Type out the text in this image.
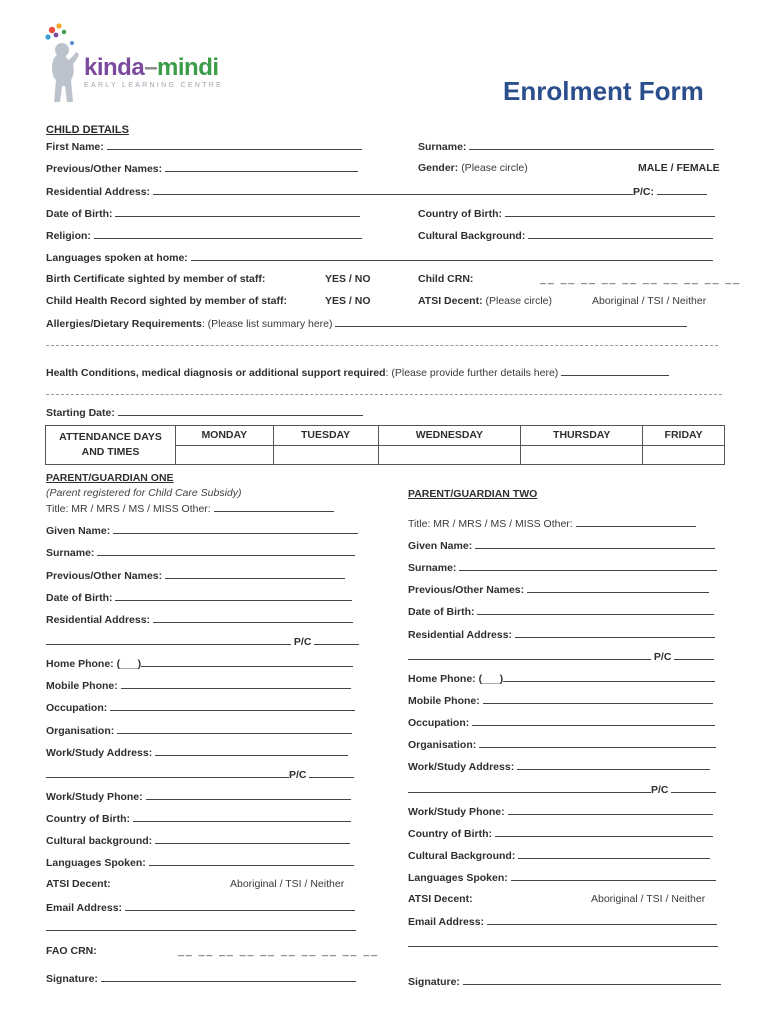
kinda–mindi
EARLY LEARNING CENTRE	Enrolment Form
CHILD DETAILS
First Name:	Surname:
Previous/Other Names:	Gender: (Please circle)	MALE / FEMALE
Residential Address:	P/C:
Date of Birth:	Country of Birth:
Religion:	Cultural Background:
Languages spoken at home:
Birth Certificate sighted by member of staff:	YES / NO	Child CRN:	__ __ __ __ __ __ __ __ __ __
Child Health Record sighted by member of staff:	YES / NO	ATSI Decent: (Please circle)	Aboriginal / TSI / Neither
Allergies/Dietary Requirements: (Please list summary here)
Health Conditions, medical diagnosis or additional support required: (Please provide further details here)
Starting Date:
ATTENDANCE DAYS
AND TIMES	MONDAY	TUESDAY	WEDNESDAY	THURSDAY	FRIDAY

PARENT/GUARDIAN ONE
(Parent registered for Child Care Subsidy)
Title: MR / MRS / MS / MISS Other:
Given Name:
Surname:
Previous/Other Names:
Date of Birth:
Residential Address:
P/C
Home Phone: (___)
Mobile Phone:
Occupation:
Organisation:
Work/Study Address:
P/C
Work/Study Phone:
Country of Birth:
Cultural background:
Languages Spoken:
ATSI Decent:	Aboriginal / TSI / Neither
Email Address:
FAO CRN:	__ __ __ __ __ __ __ __ __ __
Signature:
PARENT/GUARDIAN TWO
Title: MR / MRS / MS / MISS Other:
Given Name:
Surname:
Previous/Other Names:
Date of Birth:
Residential Address:
P/C
Home Phone: (___)
Mobile Phone:
Occupation:
Organisation:
Work/Study Address:
P/C
Work/Study Phone:
Country of Birth:
Cultural Background:
Languages Spoken:
ATSI Decent:	Aboriginal / TSI / Neither
Email Address:
Signature:
